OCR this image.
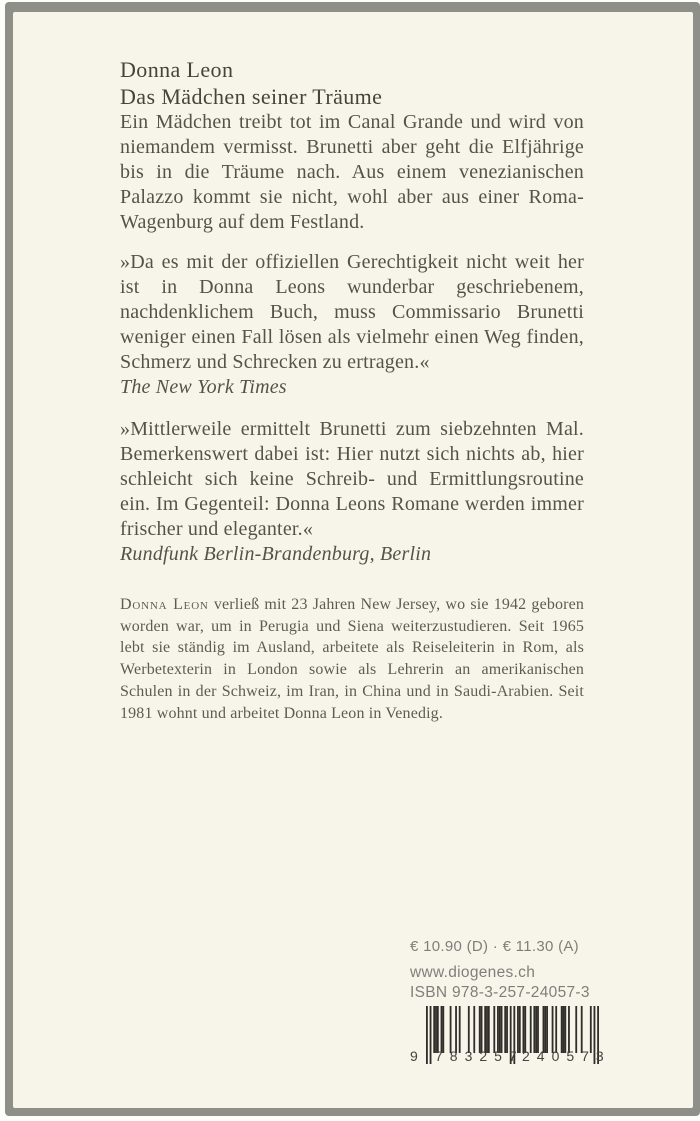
Donna Leon
Das Mädchen seiner Träume

Ein Mädchen treibt tot im Canal Grande und wird von niemandem vermisst. Brunetti aber geht die Elfjährige bis in die Träume nach. Aus einem venezianischen Palazzo kommt sie nicht, wohl aber aus einer Roma-Wagenburg auf dem Festland.

»Da es mit der offiziellen Gerechtigkeit nicht weit her ist in Donna Leons wunderbar geschriebenem, nachdenklichem Buch, muss Commissario Brunetti weniger einen Fall lösen als vielmehr einen Weg finden, Schmerz und Schrecken zu ertragen.«

The New York Times

»Mittlerweile ermittelt Brunetti zum siebzehnten Mal. Bemerkenswert dabei ist: Hier nutzt sich nichts ab, hier schleicht sich keine Schreib- und Ermittlungsroutine ein. Im Gegenteil: Donna Leons Romane werden immer frischer und eleganter.«

Rundfunk Berlin-Brandenburg, Berlin

Donna Leon verließ mit 23 Jahren New Jersey, wo sie 1942 geboren worden war, um in Perugia und Siena weiterzustudieren. Seit 1965 lebt sie ständig im Ausland, arbeitete als Reiseleiterin in Rom, als Werbetexterin in London sowie als Lehrerin an amerikanischen Schulen in der Schweiz, im Iran, in China und in Saudi-Arabien. Seit 1981 wohnt und arbeitet Donna Leon in Venedig.

€ 10.90 (D) · € 11.30 (A)
www.diogenes.ch
ISBN 978-3-257-24057-3
9 783257
240573
